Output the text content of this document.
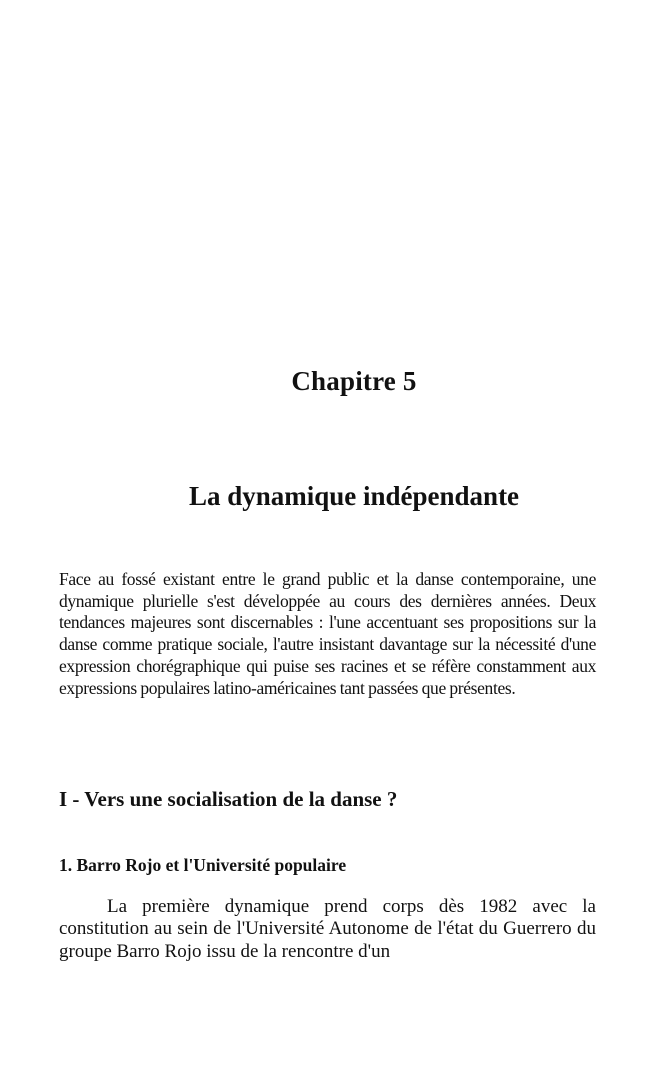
Chapitre 5
La dynamique indépendante

Face au fossé existant entre le grand public et la danse contemporaine, une dynamique plurielle s'est développée au cours des dernières années. Deux tendances majeures sont discernables : l'une accentuant ses propositions sur la danse comme pratique sociale, l'autre insistant davantage sur la nécessité d'une expression chorégraphique qui puise ses racines et se réfère constamment aux expressions populaires latino-américaines tant passées que présentes.

I - Vers une socialisation de la danse ?
1. Barro Rojo et l'Université populaire

La première dynamique prend corps dès 1982 avec la constitution au sein de l'Université Autonome de l'état du Guerrero du groupe Barro Rojo issu de la rencontre d'un
